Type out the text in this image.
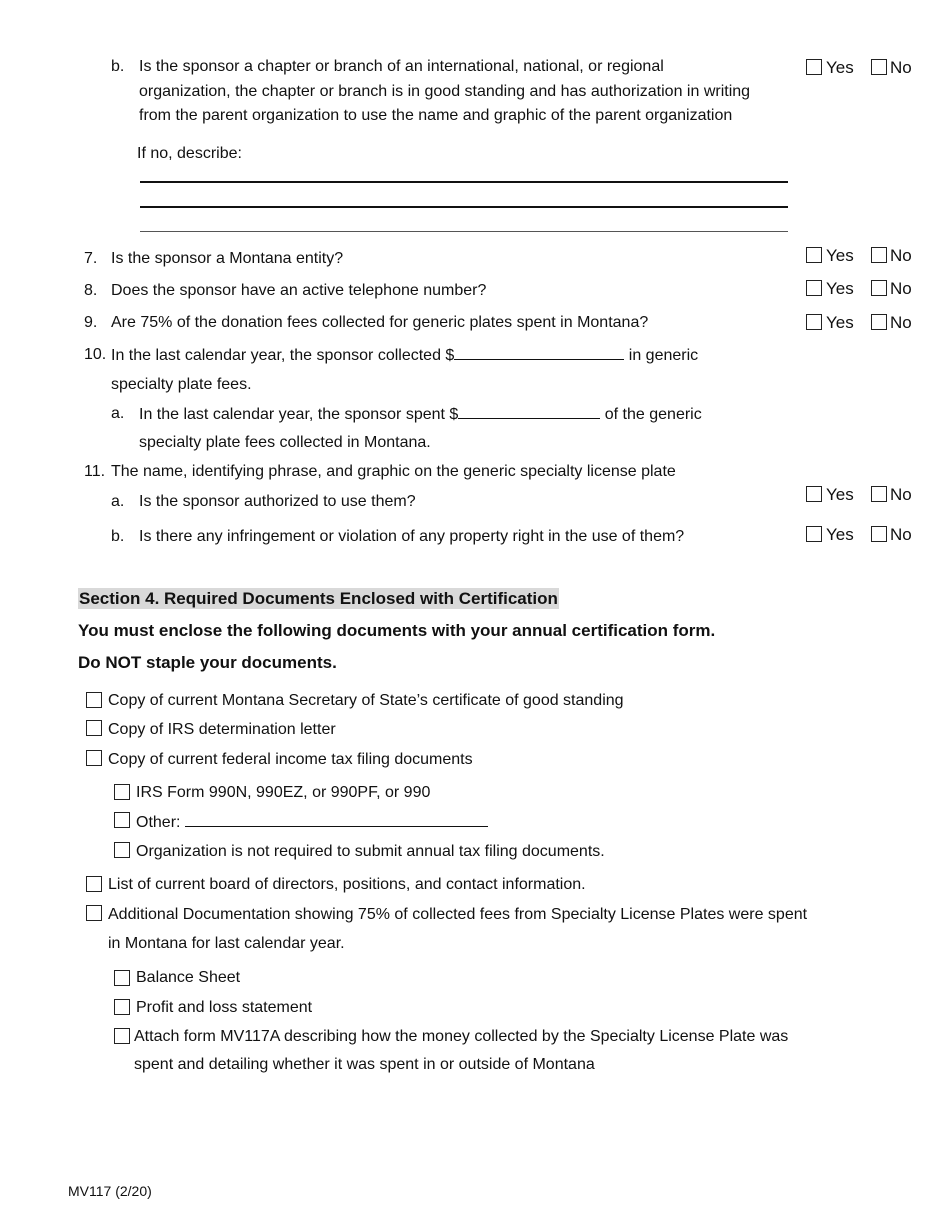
b. Is the sponsor a chapter or branch of an international, national, or regional
organization, the chapter or branch is in good standing and has authorization in writing
from the parent organization to use the name and graphic of the parent organization
Yes No
If no, describe:
7. Is the sponsor a Montana entity?	Yes No
8. Does the sponsor have an active telephone number?	Yes No
9. Are 75% of the donation fees collected for generic plates spent in Montana?	Yes No
10. In the last calendar year, the sponsor collected $	in generic
specialty plate fees.
a. In the last calendar year, the sponsor spent $	of the generic
specialty plate fees collected in Montana.
11. The name, identifying phrase, and graphic on the generic specialty license plate
a. Is the sponsor authorized to use them?	Yes No
b. Is there any infringement or violation of any property right in the use of them?	Yes No
Section 4. Required Documents Enclosed with Certification
You must enclose the following documents with your annual certification form.
Do NOT staple your documents.
Copy of current Montana Secretary of State’s certificate of good standing
Copy of IRS determination letter
Copy of current federal income tax filing documents
IRS Form 990N, 990EZ, or 990PF, or 990
Other:
Organization is not required to submit annual tax filing documents.
List of current board of directors, positions, and contact information.
Additional Documentation showing 75% of collected fees from Specialty License Plates were spent
in Montana for last calendar year.
Balance Sheet
Profit and loss statement
Attach form MV117A describing how the money collected by the Specialty License Plate was
spent and detailing whether it was spent in or outside of Montana
MV117 (2/20)
